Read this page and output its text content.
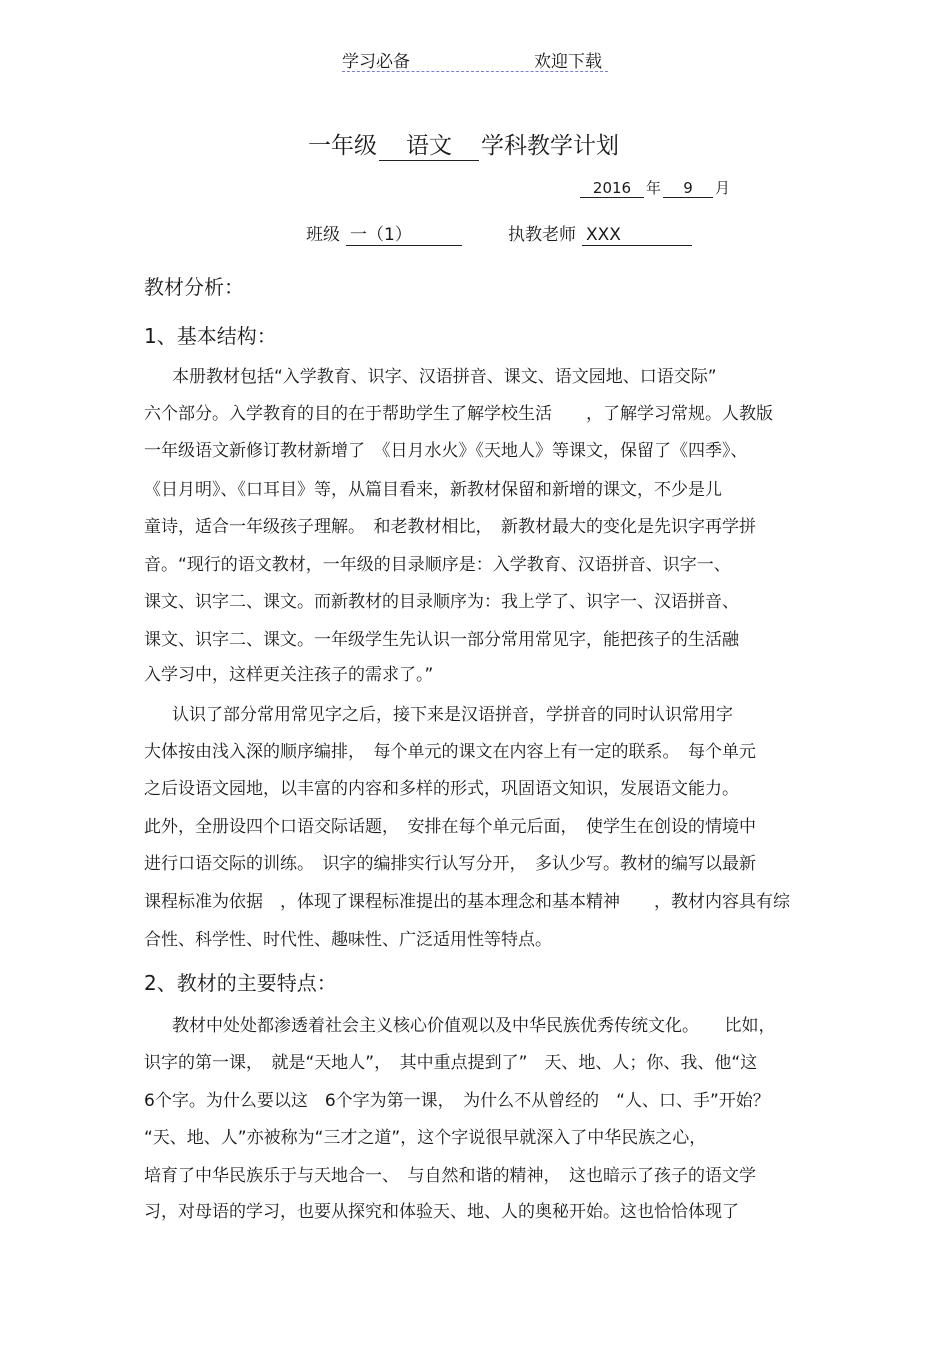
学习必备	欢迎下载
一年级 语文 学科教学计划
2016 年 9 月
班级 一（1）	执教老师 XXX
教材分析：
1、基本结构：
本册教材包括“入学教育、识字、汉语拼音、课文、语文园地、口语交际”
六个部分。入学教育的目的在于帮助学生了解学校生活　　，了解学习常规。人教版
一年级语文新修订教材新增了　《日月水火》《天地人》等课文，保留了《四季》、
《日月明》、《口耳目》等，从篇目看来，新教材保留和新增的课文，不少是儿
童诗，适合一年级孩子理解。　和老教材相比，　新教材最大的变化是先识字再学拼
音。“现行的语文教材，一年级的目录顺序是：入学教育、汉语拼音、识字一、
课文、识字二、课文。而新教材的目录顺序为：我上学了、识字一、汉语拼音、
课文、识字二、课文。一年级学生先认识一部分常用常见字，能把孩子的生活融
入学习中，这样更关注孩子的需求了。”
认识了部分常用常见字之后，接下来是汉语拼音，学拼音的同时认识常用字
大体按由浅入深的顺序编排，　每个单元的课文在内容上有一定的联系。　每个单元
之后设语文园地，以丰富的内容和多样的形式，巩固语文知识，发展语文能力。
此外，全册设四个口语交际话题，　安排在每个单元后面，　使学生在创设的情境中
进行口语交际的训练。　识字的编排实行认写分开，　多认少写。教材的编写以最新
课程标准为依据　，体现了课程标准提出的基本理念和基本精神　　，教材内容具有综
合性、科学性、时代性、趣味性、广泛适用性等特点。
2、教材的主要特点：
教材中处处都渗透着社会主义核心价值观以及中华民族优秀传统文化。　　比如，
识字的第一课，　就是“天地人”，　其中重点提到了”　天、地、人；你、我、他“这
6个字。为什么要以这　6个字为第一课，　为什么不从曾经的　“人、口、手”开始？
“天、地、人”亦被称为“三才之道”，这个字说很早就深入了中华民族之心，
培育了中华民族乐于与天地合一、　与自然和谐的精神，　这也暗示了孩子的语文学
习，对母语的学习，也要从探究和体验天、地、人的奥秘开始。这也恰恰体现了
